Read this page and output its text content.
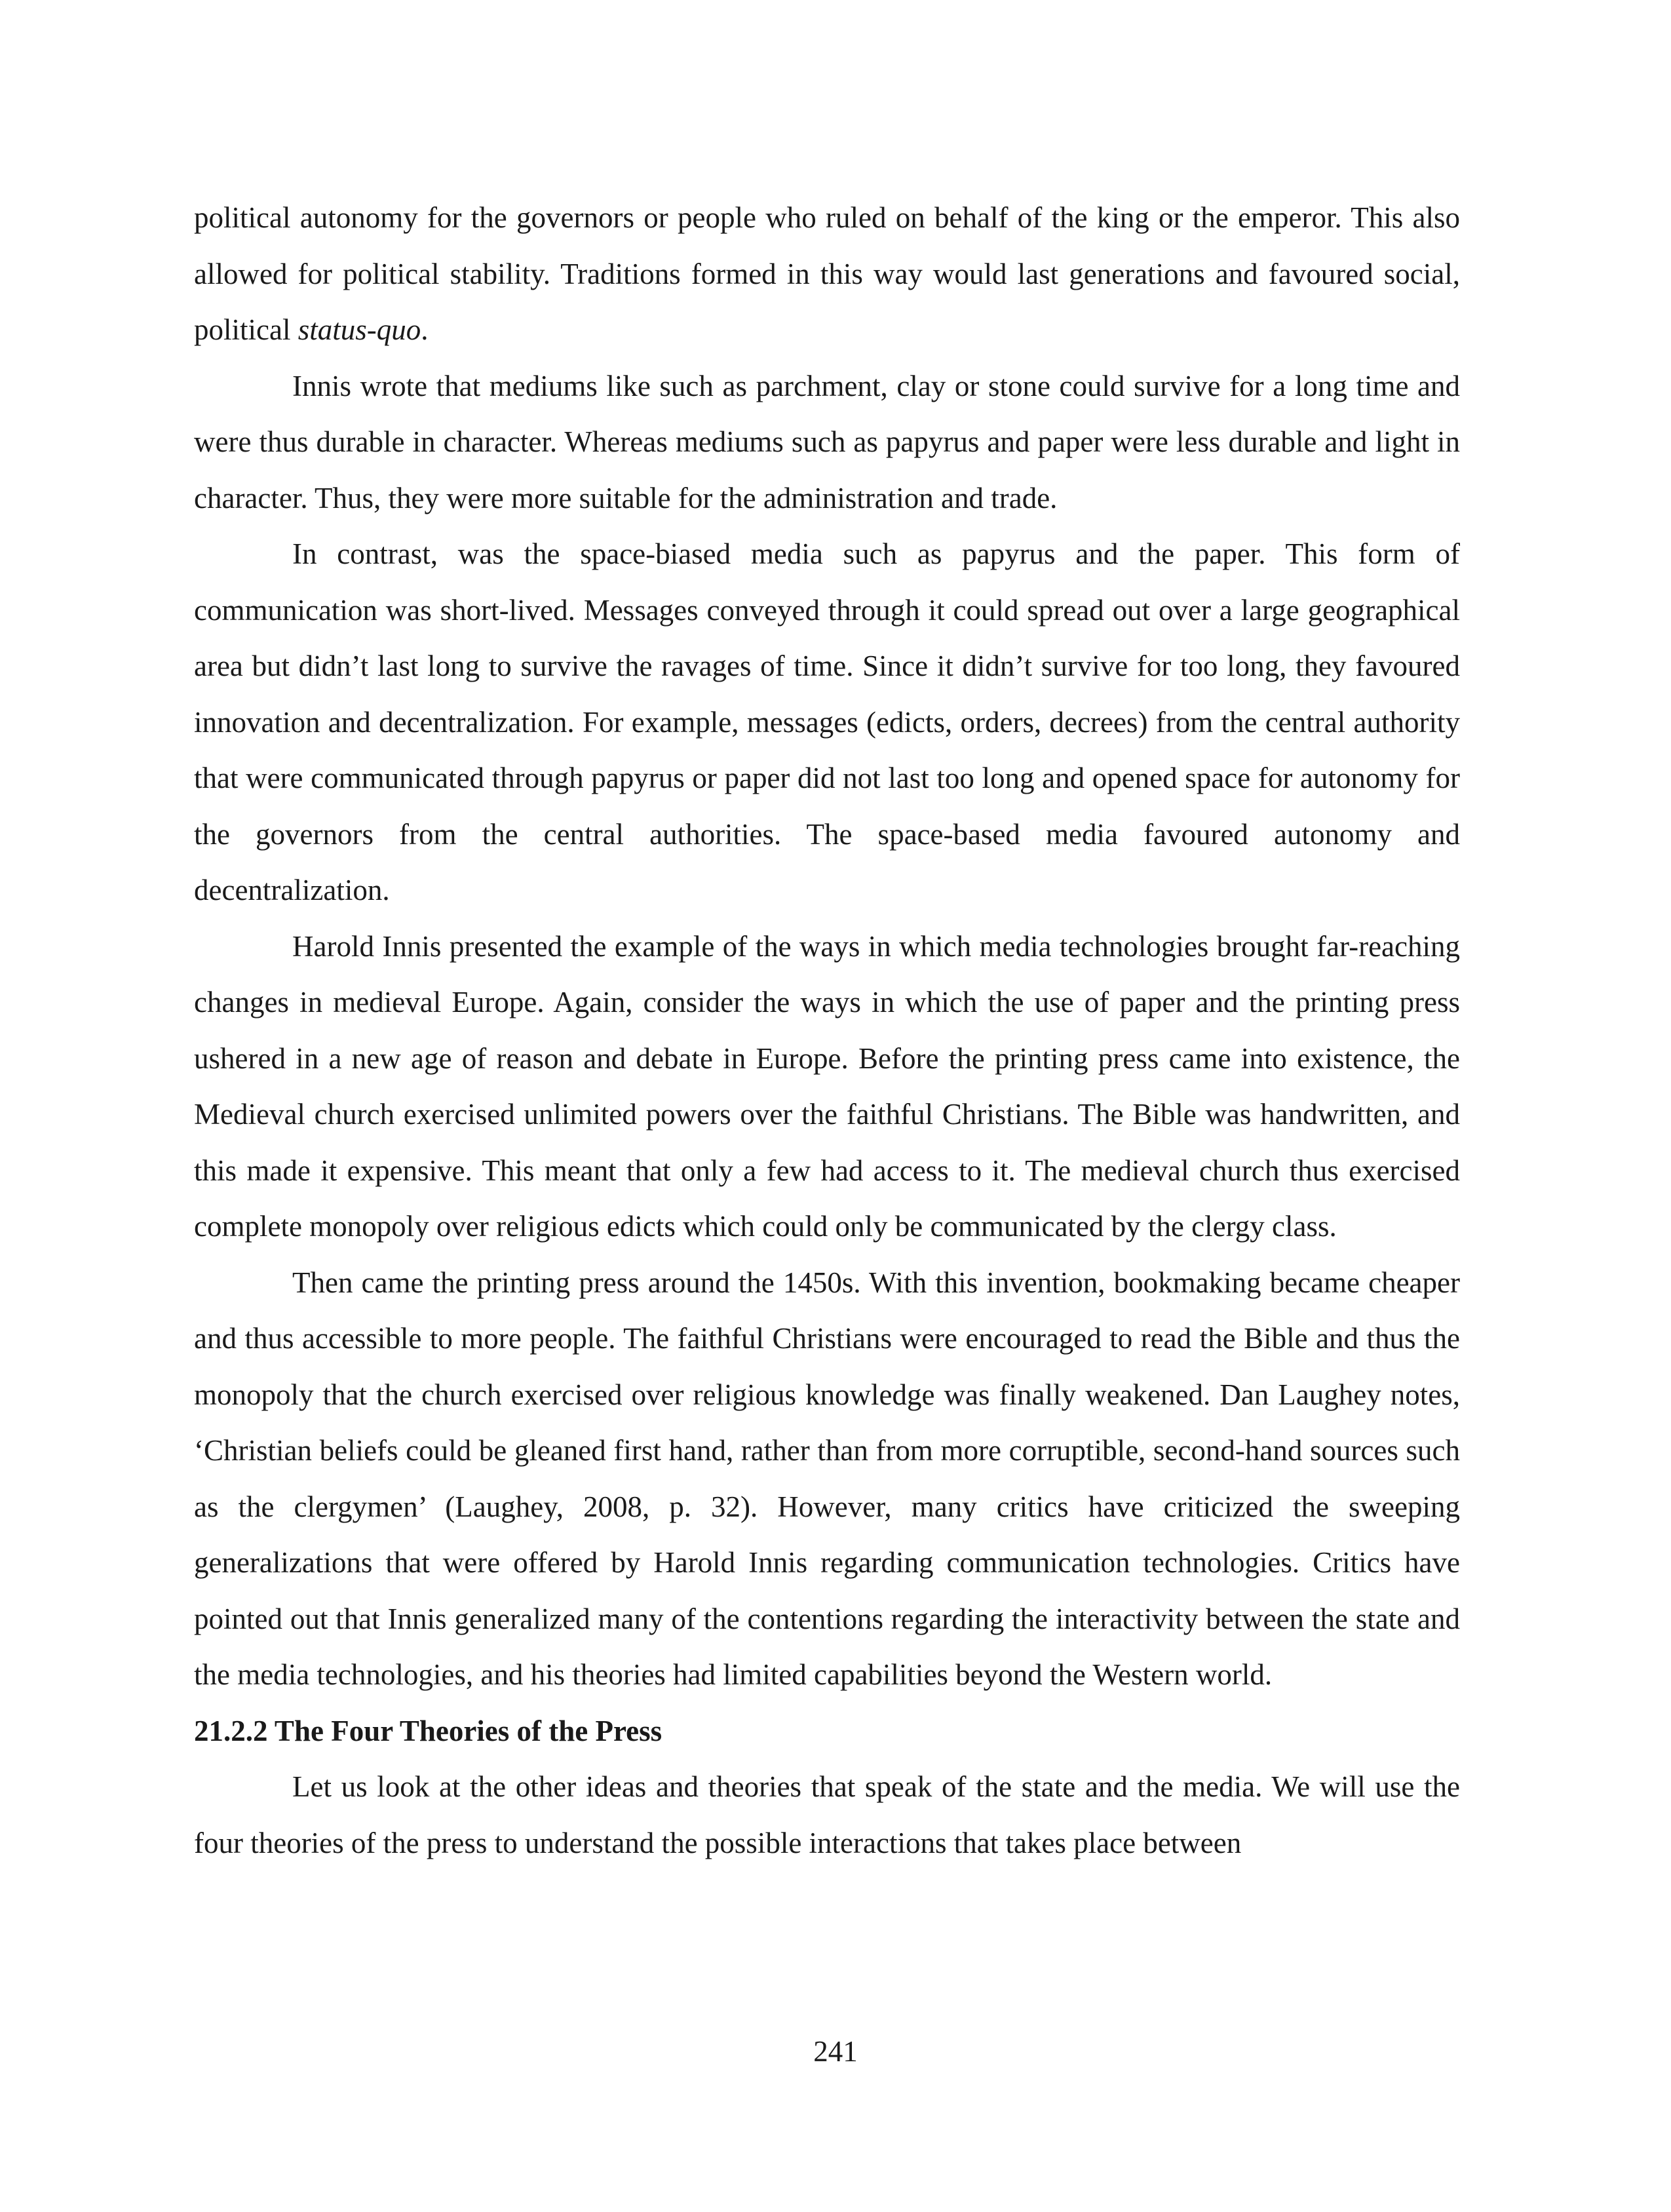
political autonomy for the governors or people who ruled on behalf of the king or the emperor. This also allowed for political stability. Traditions formed in this way would last generations and favoured social, political status-quo.

Innis wrote that mediums like such as parchment, clay or stone could survive for a long time and were thus durable in character. Whereas mediums such as papyrus and paper were less durable and light in character. Thus, they were more suitable for the administration and trade.

In contrast, was the space-biased media such as papyrus and the paper. This form of communication was short-lived. Messages conveyed through it could spread out over a large geographical area but didn’t last long to survive the ravages of time. Since it didn’t survive for too long, they favoured innovation and decentralization. For example, messages (edicts, orders, decrees) from the central authority that were communicated through papyrus or paper did not last too long and opened space for autonomy for the governors from the central authorities. The space-based media favoured autonomy and decentralization.

Harold Innis presented the example of the ways in which media technologies brought far-reaching changes in medieval Europe. Again, consider the ways in which the use of paper and the printing press ushered in a new age of reason and debate in Europe. Before the printing press came into existence, the Medieval church exercised unlimited powers over the faithful Christians. The Bible was handwritten, and this made it expensive. This meant that only a few had access to it. The medieval church thus exercised complete monopoly over religious edicts which could only be communicated by the clergy class.

Then came the printing press around the 1450s. With this invention, bookmaking became cheaper and thus accessible to more people. The faithful Christians were encouraged to read the Bible and thus the monopoly that the church exercised over religious knowledge was finally weakened. Dan Laughey notes, ‘Christian beliefs could be gleaned first hand, rather than from more corruptible, second-hand sources such as the clergymen’ (Laughey, 2008, p. 32). However, many critics have criticized the sweeping generalizations that were offered by Harold Innis regarding communication technologies. Critics have pointed out that Innis generalized many of the contentions regarding the interactivity between the state and the media technologies, and his theories had limited capabilities beyond the Western world.

21.2.2 The Four Theories of the Press

Let us look at the other ideas and theories that speak of the state and the media. We will use the four theories of the press to understand the possible interactions that takes place between

241
